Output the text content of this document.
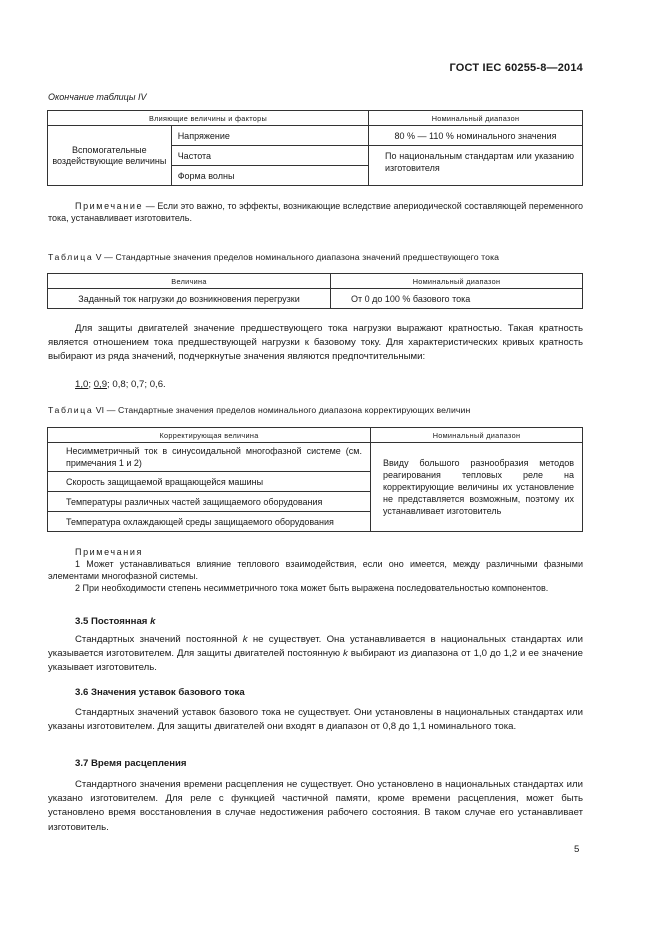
ГОСТ IEC 60255-8—2014
Окончание таблицы IV
Влияющие величины и факторы		Номинальный диапазон
Вспомогательные воздействующие величины	Напряжение	80 % — 110 % номинального значения
	Частота	По национальным стандартам или указанию изготовителя
	Форма волны	
Примечание — Если это важно, то эффекты, возникающие вследствие апериодической составляющей переменного тока, устанавливает изготовитель.
Таблица V — Стандартные значения пределов номинального диапазона значений предшествующего тока
Величина	Номинальный диапазон
Заданный ток нагрузки до возникновения перегрузки	От 0 до 100 % базового тока
Для защиты двигателей значение предшествующего тока нагрузки выражают кратностью. Такая кратность является отношением тока предшествующей нагрузки к базовому току. Для характеристических кривых кратность выбирают из ряда значений, подчеркнутые значения являются предпочтительными:
1,0; 0,9; 0,8; 0,7; 0,6.
Таблица VI — Стандартные значения пределов номинального диапазона корректирующих величин
Корректирующая величина	Номинальный диапазон
Несимметричный ток в синусоидальной многофазной системе (см. примечания 1 и 2)	Ввиду большого разнообразия методов реагирования тепловых реле на корректирующие величины их установление не представляется возможным, поэтому их устанавливает изготовитель
Скорость защищаемой вращающейся машины	
Температуры различных частей защищаемого оборудования	
Температура охлаждающей среды защищаемого оборудования	
Примечания
1 Может устанавливаться влияние теплового взаимодействия, если оно имеется, между различными фазными элементами многофазной системы.
2 При необходимости степень несимметричного тока может быть выражена последовательностью компонентов.
3.5 Постоянная k
Стандартных значений постоянной k не существует. Она устанавливается в национальных стандартах или указывается изготовителем. Для защиты двигателей постоянную k выбирают из диапазона от 1,0 до 1,2 и ее значение указывает изготовитель.
3.6 Значения уставок базового тока
Стандартных значений уставок базового тока не существует. Они установлены в национальных стандартах или указаны изготовителем. Для защиты двигателей они входят в диапазон от 0,8 до 1,1 номинального тока.
3.7 Время расцепления
Стандартного значения времени расцепления не существует. Оно установлено в национальных стандартах или указано изготовителем. Для реле с функцией частичной памяти, кроме времени расцепления, может быть установлено время восстановления в случае недостижения рабочего состояния. В таком случае его устанавливает изготовитель.
5
